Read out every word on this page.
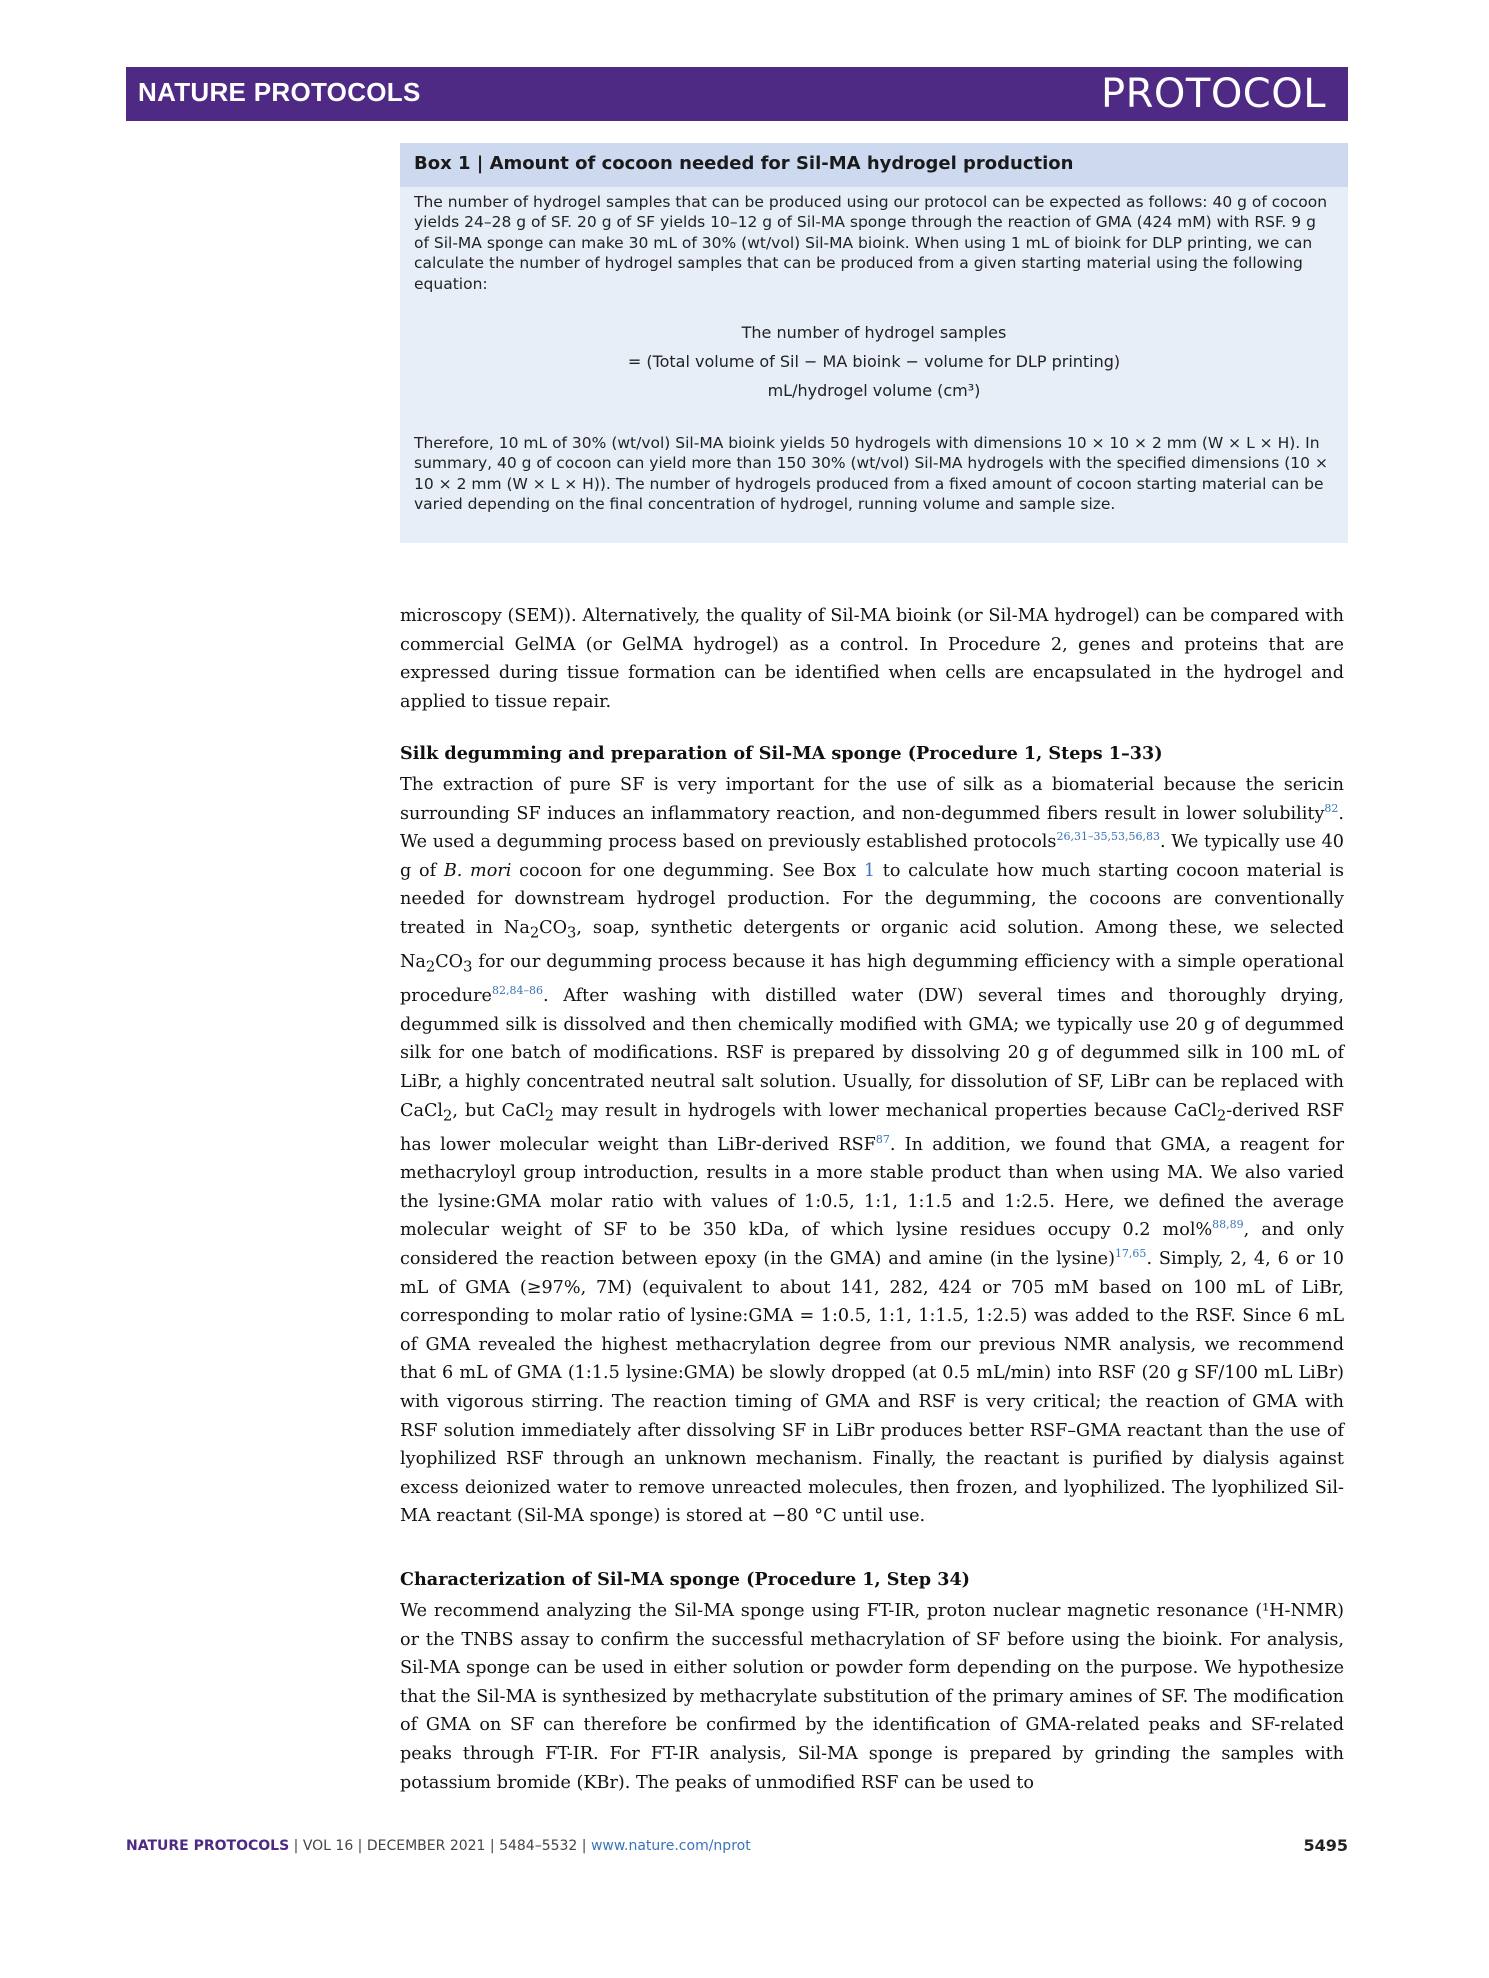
NATURE PROTOCOLS	PROTOCOL
Box 1 | Amount of cocoon needed for Sil-MA hydrogel production

The number of hydrogel samples that can be produced using our protocol can be expected as follows: 40 g of cocoon yields 24–28 g of SF. 20 g of SF yields 10–12 g of Sil-MA sponge through the reaction of GMA (424 mM) with RSF. 9 g of Sil-MA sponge can make 30 mL of 30% (wt/vol) Sil-MA bioink. When using 1 mL of bioink for DLP printing, we can calculate the number of hydrogel samples that can be produced from a given starting material using the following equation:

The number of hydrogel samples
= (Total volume of Sil − MA bioink − volume for DLP printing)
mL/hydrogel volume (cm³)

Therefore, 10 mL of 30% (wt/vol) Sil-MA bioink yields 50 hydrogels with dimensions 10 × 10 × 2 mm (W × L × H). In summary, 40 g of cocoon can yield more than 150 30% (wt/vol) Sil-MA hydrogels with the specified dimensions (10 × 10 × 2 mm (W × L × H)). The number of hydrogels produced from a fixed amount of cocoon starting material can be varied depending on the final concentration of hydrogel, running volume and sample size.

microscopy (SEM)). Alternatively, the quality of Sil-MA bioink (or Sil-MA hydrogel) can be compared with commercial GelMA (or GelMA hydrogel) as a control. In Procedure 2, genes and proteins that are expressed during tissue formation can be identified when cells are encapsulated in the hydrogel and applied to tissue repair.

Silk degumming and preparation of Sil-MA sponge (Procedure 1, Steps 1–33)

The extraction of pure SF is very important for the use of silk as a biomaterial because the sericin surrounding SF induces an inflammatory reaction, and non-degummed fibers result in lower solubility$^{82}$. We used a degumming process based on previously established protocols$^{26,31-35,53,56,83}$. We typically use 40 g of B. mori cocoon for one degumming. See Box 1 to calculate how much starting cocoon material is needed for downstream hydrogel production. For the degumming, the cocoons are conventionally treated in $Na_2CO_3$, soap, synthetic detergents or organic acid solution. Among these, we selected $Na_2CO_3$ for our degumming process because it has high degumming efficiency with a simple operational procedure$^{82,84-86}$. After washing with distilled water (DW) several times and thoroughly drying, degummed silk is dissolved and then chemically modified with GMA; we typically use 20 g of degummed silk for one batch of modifications. RSF is prepared by dissolving 20 g of degummed silk in 100 mL of LiBr, a highly concentrated neutral salt solution. Usually, for dissolution of SF, LiBr can be replaced with CaCl$_2$, but CaCl$_2$ may result in hydrogels with lower mechanical properties because CaCl$_2$-derived RSF has lower molecular weight than LiBr-derived RSF$^{87}$. In addition, we found that GMA, a reagent for methacryloyl group introduction, results in a more stable product than when using MA. We also varied the lysine:GMA molar ratio with values of 1:0.5, 1:1, 1:1.5 and 1:2.5. Here, we defined the average molecular weight of SF to be 350 kDa, of which lysine residues occupy 0.2 mol%$^{88,89}$, and only considered the reaction between epoxy (in the GMA) and amine (in the lysine)$^{17,65}$. Simply, 2, 4, 6 or 10 mL of GMA (≥97%, 7M) (equivalent to about 141, 282, 424 or 705 mM based on 100 mL of LiBr, corresponding to molar ratio of lysine:GMA = 1:0.5, 1:1, 1:1.5, 1:2.5) was added to the RSF. Since 6 mL of GMA revealed the highest methacrylation degree from our previous NMR analysis, we recommend that 6 mL of GMA (1:1.5 lysine:GMA) be slowly dropped (at 0.5 mL/min) into RSF (20 g SF/100 mL LiBr) with vigorous stirring. The reaction timing of GMA and RSF is very critical; the reaction of GMA with RSF solution immediately after dissolving SF in LiBr produces better RSF–GMA reactant than the use of lyophilized RSF through an unknown mechanism. Finally, the reactant is purified by dialysis against excess deionized water to remove unreacted molecules, then frozen, and lyophilized. The lyophilized Sil-MA reactant (Sil-MA sponge) is stored at −80 °C until use.

Characterization of Sil-MA sponge (Procedure 1, Step 34)

We recommend analyzing the Sil-MA sponge using FT-IR, proton nuclear magnetic resonance (¹H-NMR) or the TNBS assay to confirm the successful methacrylation of SF before using the bioink. For analysis, Sil-MA sponge can be used in either solution or powder form depending on the purpose. We hypothesize that the Sil-MA is synthesized by methacrylate substitution of the primary amines of SF. The modification of GMA on SF can therefore be confirmed by the identification of GMA-related peaks and SF-related peaks through FT-IR. For FT-IR analysis, Sil-MA sponge is prepared by grinding the samples with potassium bromide (KBr). The peaks of unmodified RSF can be used to

NATURE PROTOCOLS | VOL 16 | DECEMBER 2021 | 5484–5532 | www.nature.com/nprot	5495
